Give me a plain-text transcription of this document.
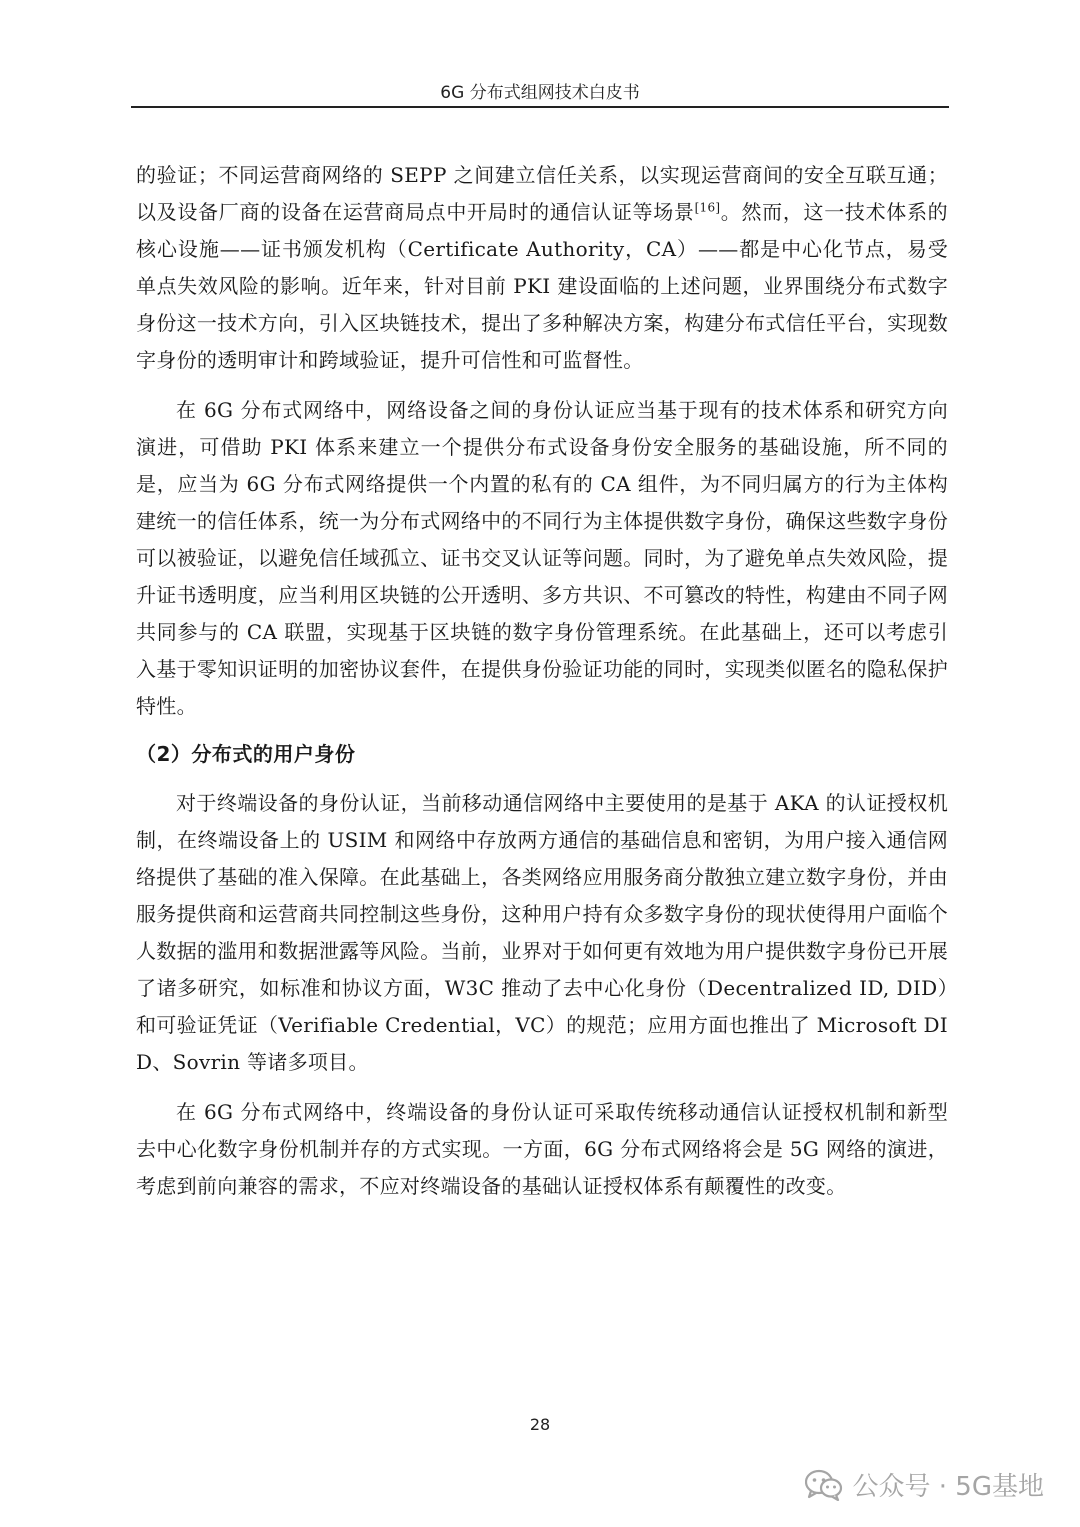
6G 分布式组网技术白皮书

的验证；不同运营商网络的 SEPP 之间建立信任关系，以实现运营商间的安全互联互通；以及设备厂商的设备在运营商局点中开局时的通信认证等场景[16]。然而，这一技术体系的核心设施——证书颁发机构（Certificate Authority，CA）——都是中心化节点，易受单点失效风险的影响。近年来，针对目前 PKI 建设面临的上述问题，业界围绕分布式数字身份这一技术方向，引入区块链技术，提出了多种解决方案，构建分布式信任平台，实现数字身份的透明审计和跨域验证，提升可信性和可监督性。

在 6G 分布式网络中，网络设备之间的身份认证应当基于现有的技术体系和研究方向演进，可借助 PKI 体系来建立一个提供分布式设备身份安全服务的基础设施，所不同的是，应当为 6G 分布式网络提供一个内置的私有的 CA 组件，为不同归属方的行为主体构建统一的信任体系，统一为分布式网络中的不同行为主体提供数字身份，确保这些数字身份可以被验证，以避免信任域孤立、证书交叉认证等问题。同时，为了避免单点失效风险，提升证书透明度，应当利用区块链的公开透明、多方共识、不可篡改的特性，构建由不同子网共同参与的 CA 联盟，实现基于区块链的数字身份管理系统。在此基础上，还可以考虑引入基于零知识证明的加密协议套件，在提供身份验证功能的同时，实现类似匿名的隐私保护特性。

（2）分布式的用户身份

对于终端设备的身份认证，当前移动通信网络中主要使用的是基于 AKA 的认证授权机制，在终端设备上的 USIM 和网络中存放两方通信的基础信息和密钥，为用户接入通信网络提供了基础的准入保障。在此基础上，各类网络应用服务商分散独立建立数字身份，并由服务提供商和运营商共同控制这些身份，这种用户持有众多数字身份的现状使得用户面临个人数据的滥用和数据泄露等风险。当前，业界对于如何更有效地为用户提供数字身份已开展了诸多研究，如标准和协议方面，W3C 推动了去中心化身份（Decentralized ID, DID）和可验证凭证（Verifiable Credential，VC）的规范；应用方面也推出了 Microsoft DID、Sovrin 等诸多项目。

在 6G 分布式网络中，终端设备的身份认证可采取传统移动通信认证授权机制和新型去中心化数字身份机制并存的方式实现。一方面，6G 分布式网络将会是 5G 网络的演进，考虑到前向兼容的需求，不应对终端设备的基础认证授权体系有颠覆性的改变。

28
公众号 · 5G基地
